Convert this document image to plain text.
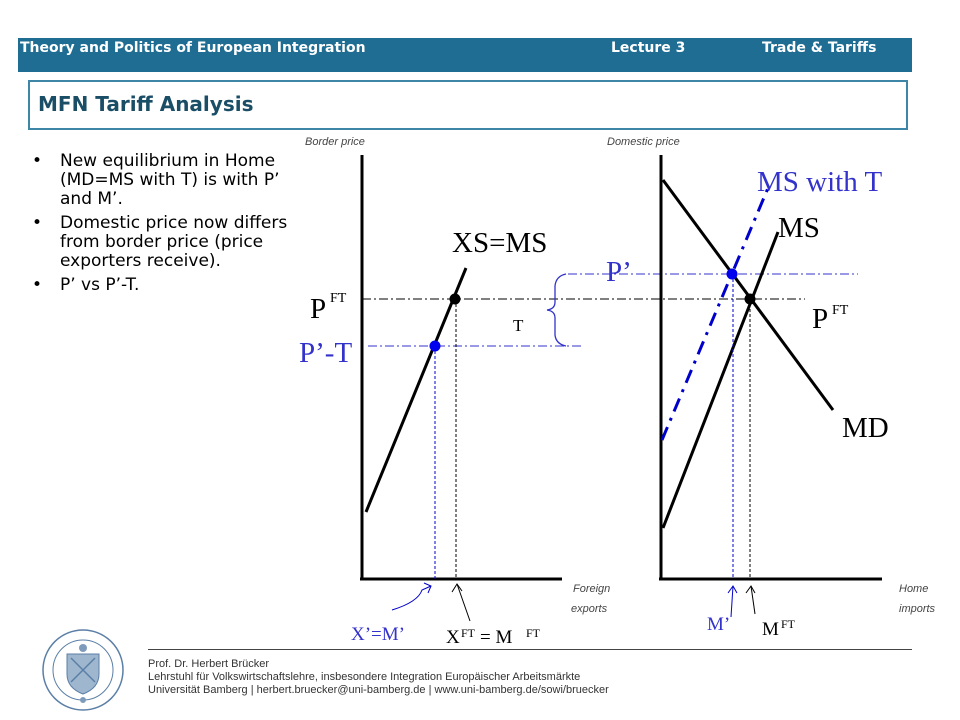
Theory and Politics of European Integration	Lecture 3	Trade & Tariffs
MFN Tariff Analysis
• New equilibrium in Home (MD=MS with T) is with P’ and M’.
• Domestic price now differs from border price (price exporters receive).
• P’ vs P’-T.
Border price
Foreign
exports
XS=MS
P FT
P’-T
T
Domestic price
Home
imports
MS with T
MS
MD
P’
P FT
X’=M’ X FT = M FT	M’ M FT
Prof. Dr. Herbert Brücker
Lehrstuhl für Volkswirtschaftslehre, insbesondere Integration Europäischer Arbeitsmärkte
Universität Bamberg | herbert.bruecker@uni-bamberg.de | www.uni-bamberg.de/sowi/bruecker
